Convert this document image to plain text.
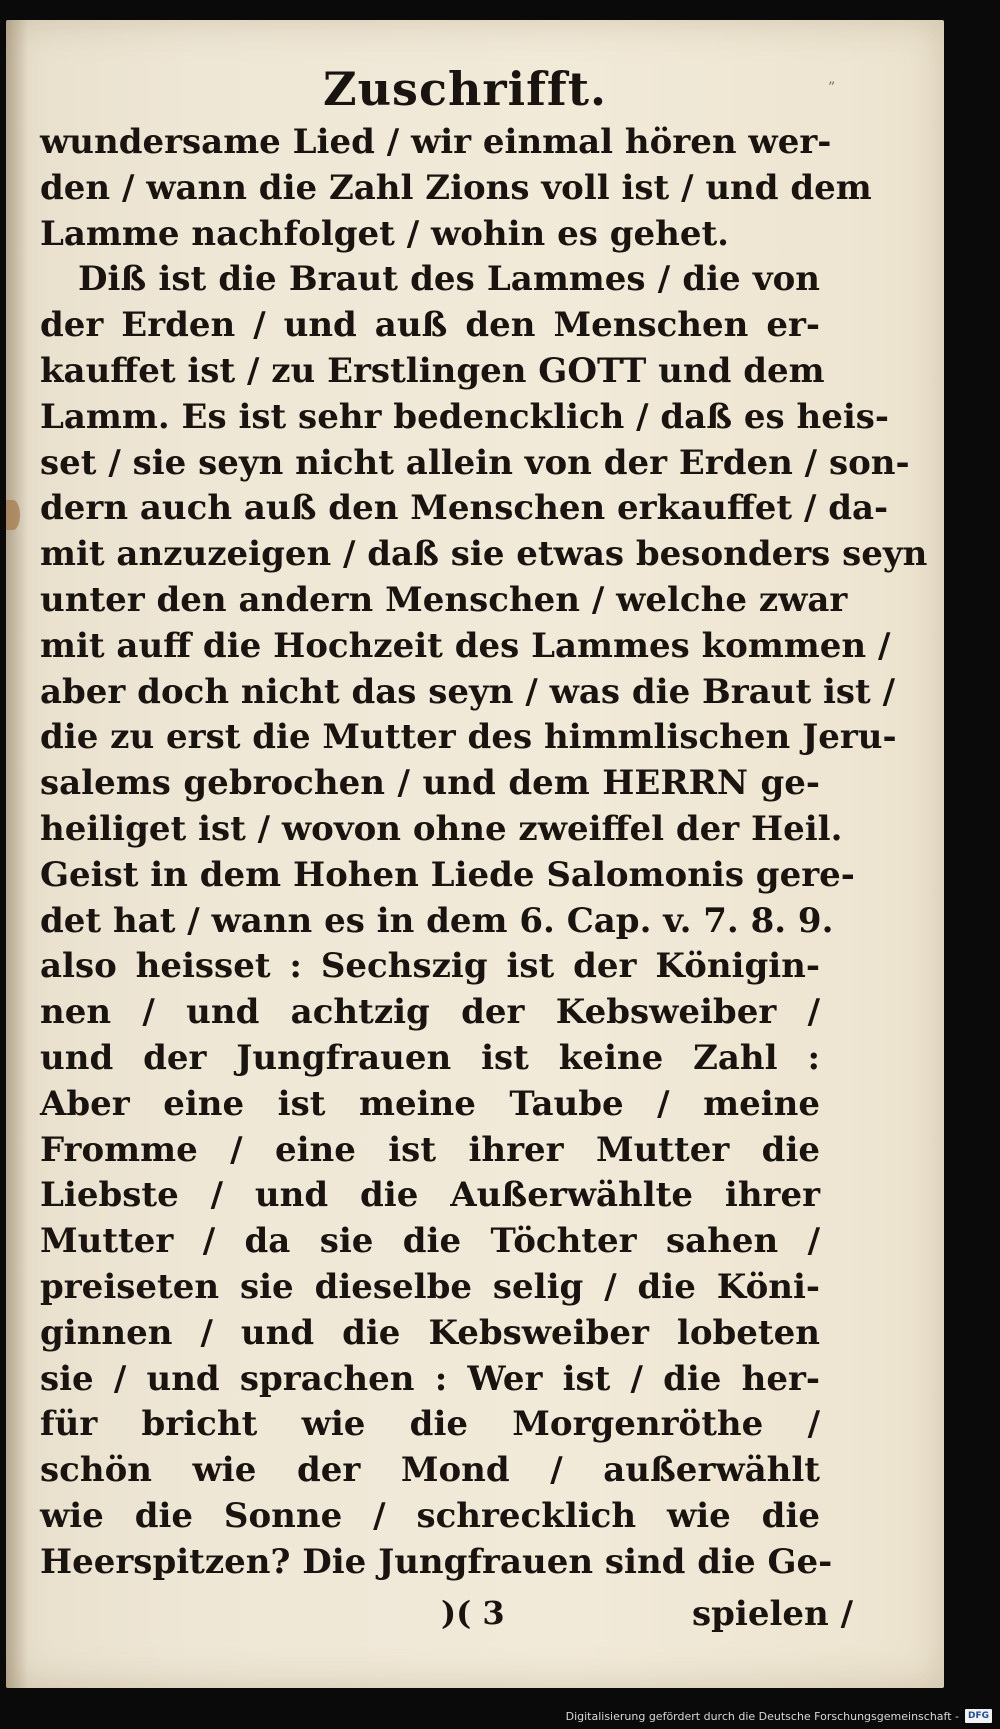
”
Zuschrifft.
wundersame Lied / wir einmal hören wer-
den / wann die Zahl Zions voll ist / und dem
Lamme nachfolget / wohin es gehet.
Diß ist die Braut des Lammes / die von
der Erden / und auß den Menschen er-
kauffet ist / zu Erstlingen GOTT und dem
Lamm. Es ist sehr bedencklich / daß es heis-
set / sie seyn nicht allein von der Erden / son-
dern auch auß den Menschen erkauffet / da-
mit anzuzeigen / daß sie etwas besonders seyn
unter den andern Menschen / welche zwar
mit auff die Hochzeit des Lammes kommen /
aber doch nicht das seyn / was die Braut ist /
die zu erst die Mutter des himmlischen Jeru-
salems gebrochen / und dem HERRN ge-
heiliget ist / wovon ohne zweiffel der Heil.
Geist in dem Hohen Liede Salomonis gere-
det hat / wann es in dem 6. Cap. v. 7. 8. 9.
also heisset : Sechszig ist der Königin-
nen / und achtzig der Kebsweiber /
und der Jungfrauen ist keine Zahl :
Aber eine ist meine Taube / meine
Fromme / eine ist ihrer Mutter die
Liebste / und die Außerwählte ihrer
Mutter / da sie die Töchter sahen /
preiseten sie dieselbe selig / die Köni-
ginnen / und die Kebsweiber lobeten
sie / und sprachen : Wer ist / die her-
für bricht wie die Morgenröthe /
schön wie der Mond / außerwählt
wie die Sonne / schrecklich wie die
Heerspitzen? Die Jungfrauen sind die Ge-
)( 3	spielen /
Digitalisierung gefördert durch die Deutsche Forschungsgemeinschaft -	DFG
